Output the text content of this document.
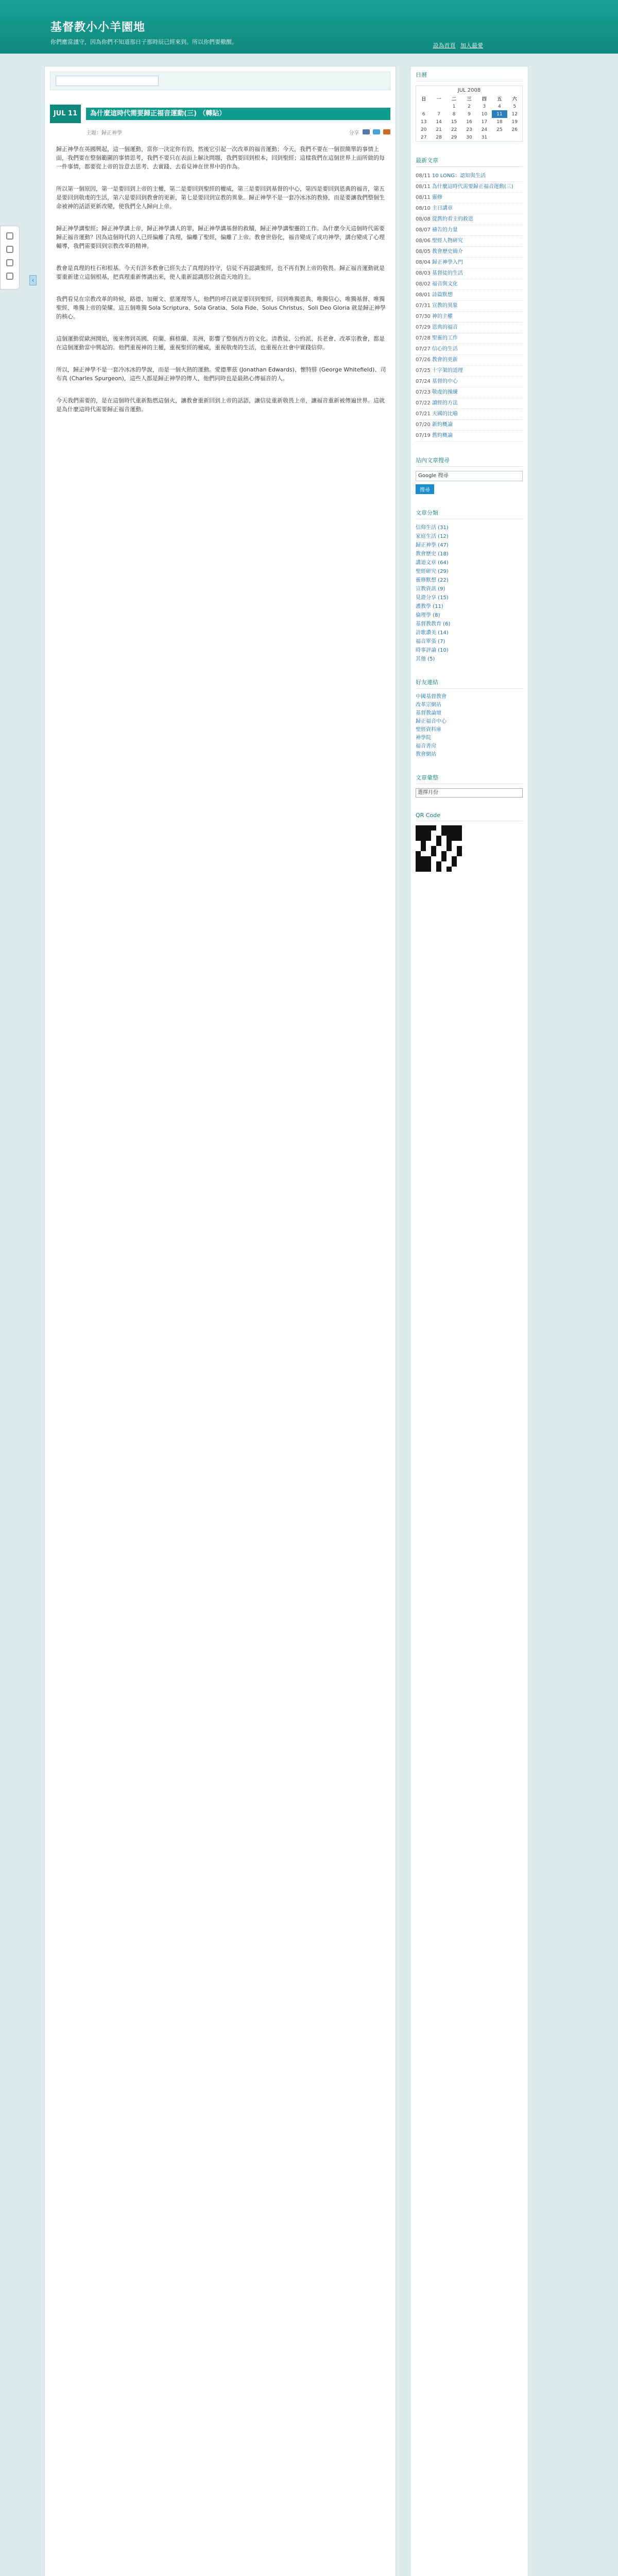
基督教小小羊園地
你們應當謹守，因為你們不知道那日子那時辰已經來到。所以你們要儆醒。
設為首頁 加入最愛
‹
JUL 11	為什麼這時代需要歸正福音運動(三) （轉貼）
主題：歸正神學	分享

歸正神學在英國興起，這一個運動，當你一決定你有的，然後它引起一次改革的福音運動；今天，我們不要在一個很簡單的事情上面，我們要在整個範圍的事情思考，我們不要只在表面上解決問題，我們要回到根本，回到聖經；這樣我們在這個世界上面所做的每一件事情，都要從上帝的旨意去思考、去實踐、去看見神在世界中的作為。

所以第一個原因，第一是要回到上帝的主權，第二是要回到聖經的權威，第三是要回到基督的中心，第四是要回到恩典的福音，第五是要回到敬虔的生活，第六是要回到教會的更新，第七是要回到宣教的異象。歸正神學不是一套冷冰冰的教條，而是要讓我們整個生命被神的話語更新改變，使我們全人歸向上帝。

歸正神學講聖經；歸正神學講上帝，歸正神學講人的罪，歸正神學講基督的救贖，歸正神學講聖靈的工作。為什麼今天這個時代需要歸正福音運動？因為這個時代的人已經偏離了真理，偏離了聖經，偏離了上帝。教會世俗化，福音變成了成功神學，講台變成了心理輔導，我們需要回到宗教改革的精神。

教會是真理的柱石和根基。今天有許多教會已經失去了真理的持守，信徒不再認識聖經，也不再有對上帝的敬畏。歸正福音運動就是要重新建立這個根基，把真理重新傳講出來，使人重新認識那位創造天地的主。

我們看見在宗教改革的時候，路德、加爾文、慈運理等人，他們的呼召就是要回到聖經，回到唯獨恩典、唯獨信心、唯獨基督、唯獨聖經、唯獨上帝的榮耀。這五個唯獨 Sola Scriptura、Sola Gratia、Sola Fide、Solus Christus、Soli Deo Gloria 就是歸正神學的核心。

這個運動從歐洲開始，後來傳到英國、荷蘭、蘇格蘭、美洲，影響了整個西方的文化。清教徒、公約派、長老會、改革宗教會，都是在這個運動當中興起的。他們重視神的主權，重視聖經的權威，重視敬虔的生活，也重視在社會中實踐信仰。

所以，歸正神學不是一套冷冰冰的學說，而是一個火熱的運動。愛德華茲 (Jonathan Edwards)、懷特腓 (George Whitefield)、司布真 (Charles Spurgeon)，這些人都是歸正神學的傳人，他們同時也是最熱心傳福音的人。

今天我們需要的，是在這個時代重新點燃這個火，讓教會重新回到上帝的話語，讓信徒重新敬畏上帝，讓福音重新被傳遍世界。這就是為什麼這時代需要歸正福音運動。

日曆
JUL 2008
日	一	二	三	四	五	六
		1	2	3	4	5
6	7	8	9	10	11	12
13	14	15	16	17	18	19
20	21	22	23	24	25	26
27	28	29	30	31		
最新文章
08/11 10 LONG：認知與生活
08/11 為什麼這時代需要歸正福音運動(三)
08/11 靈修
08/10 主日講章
08/08 從舊約看主的救恩
08/07 禱告的力量
08/06 聖經人物研究
08/05 教會歷史簡介
08/04 歸正神學入門
08/03 基督徒的生活
08/02 福音與文化
08/01 詩篇默想
07/31 宣教的異象
07/30 神的主權
07/29 恩典的福音
07/28 聖靈的工作
07/27 信心的生活
07/26 教會的更新
07/25 十字架的道理
07/24 基督的中心
07/23 敬虔的操練
07/22 讀經的方法
07/21 天國的比喻
07/20 新約概論
07/19 舊約概論
站內文章搜尋
Google 搜尋
搜尋
文章分類
信仰生活 (31)
家庭生活 (12)
歸正神學 (47)
教會歷史 (18)
講道文章 (64)
聖經研究 (29)
靈修默想 (22)
宣教資訊 (9)
見證分享 (15)
護教學 (11)
倫理學 (8)
基督教教育 (6)
詩歌讚美 (14)
福音單張 (7)
時事評論 (10)
其他 (5)
好友連結
中國基督教會
改革宗網站
基督教論壇
歸正福音中心
聖經資料庫
神學院
福音書房
教會網站
文章彙整
選擇月份
QR Code
